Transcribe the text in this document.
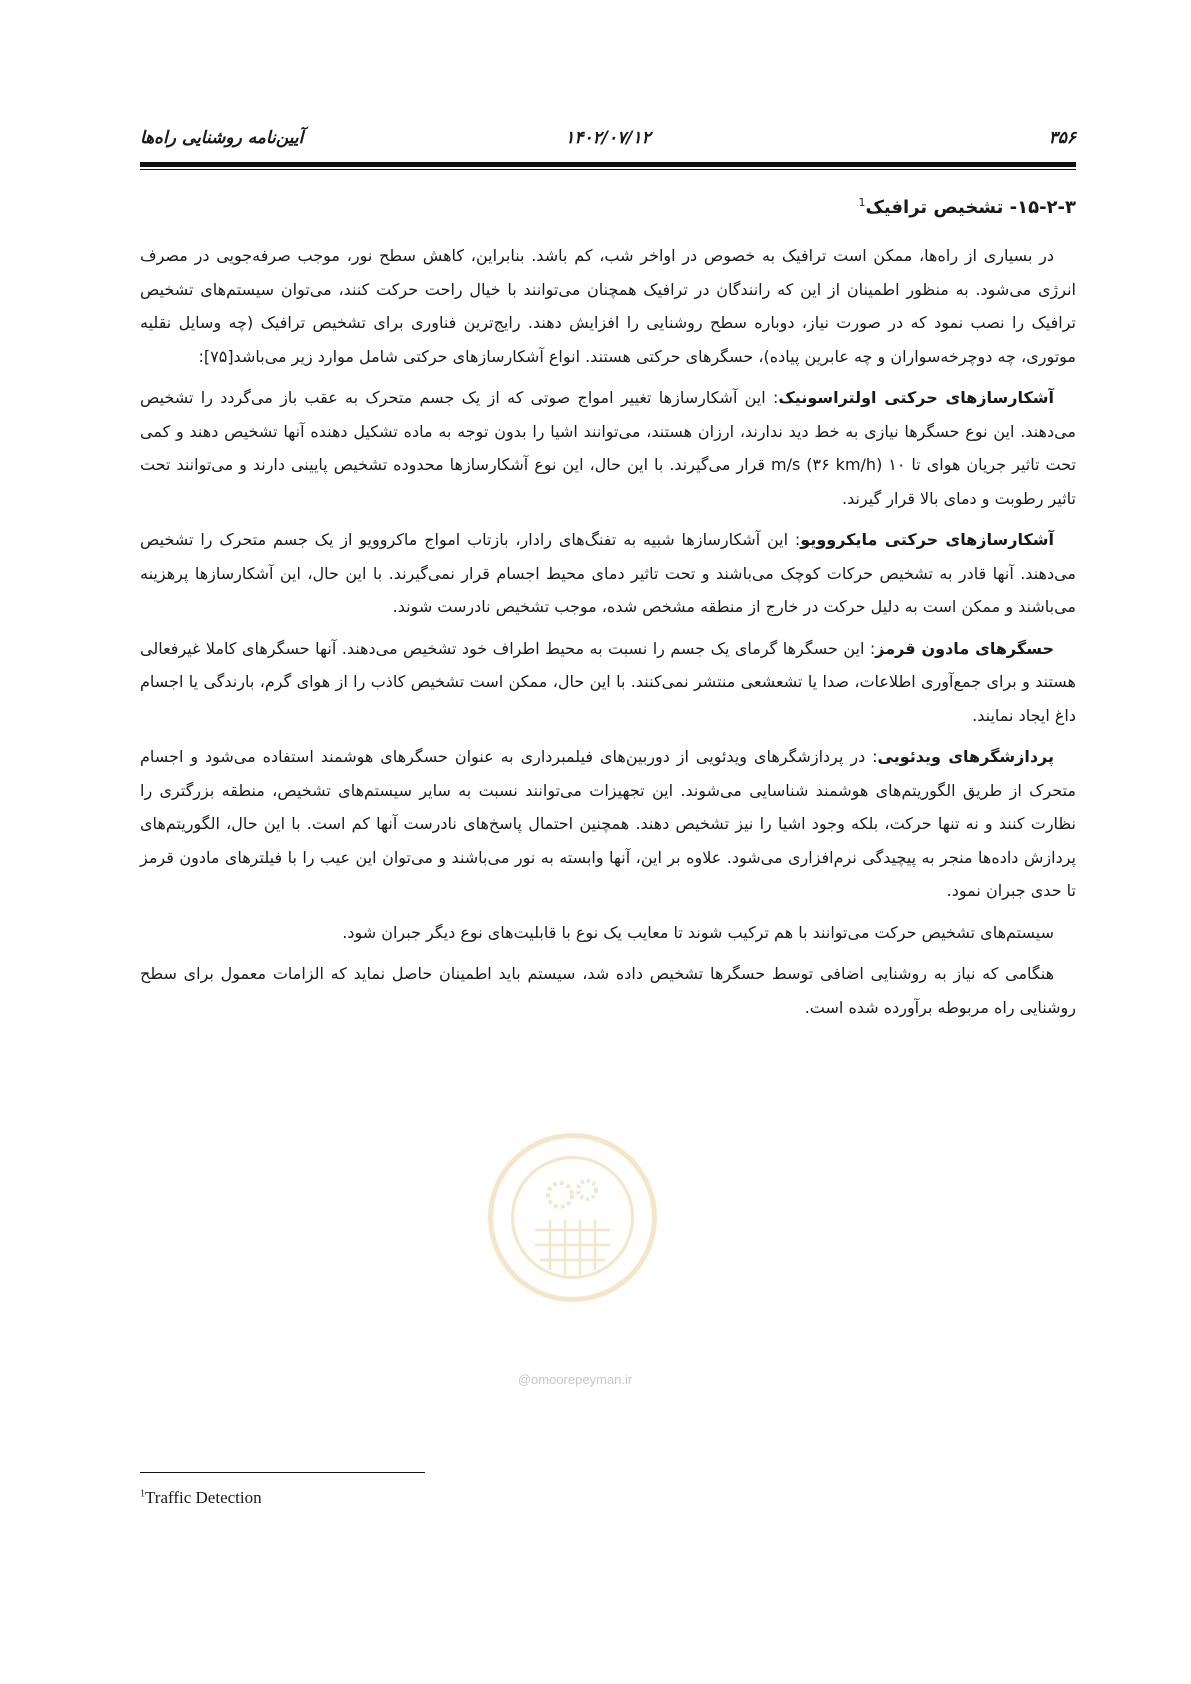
۳۵۶
۱۴۰۲/۰۷/۱۲
آیین‌نامه روشنایی راه‌ها
۱۵-۲-۳- تشخیص ترافیک$^1$

در بسیاری از راه‌ها، ممکن است ترافیک به خصوص در اواخر شب، کم باشد. بنابراین، کاهش سطح نور، موجب صرفه‌جویی در مصرف انرژی می‌شود. به منظور اطمینان از این که رانندگان در ترافیک همچنان می‌توانند با خیال راحت حرکت کنند، می‌توان سیستم‌های تشخیص ترافیک را نصب نمود که در صورت نیاز، دوباره سطح روشنایی را افزایش دهند. رایج‌ترین فناوری برای تشخیص ترافیک (چه وسایل نقلیه موتوری، چه دوچرخه‌سواران و چه عابرین پیاده)، حسگرهای حرکتی هستند. انواع آشکارسازهای حرکتی شامل موارد زیر می‌باشد[۷۵]:

آشکارسازهای حرکتی اولتراسونیک: این آشکارسازها تغییر امواج صوتی که از یک جسم متحرک به عقب باز می‌گردد را تشخیص می‌دهند. این نوع حسگرها نیازی به خط دید ندارند، ارزان هستند، می‌توانند اشیا را بدون توجه به ماده تشکیل دهنده آنها تشخیص دهند و کمی تحت تاثیر جریان هوای تا ۱۰ m/s (۳۶ km/h) قرار می‌گیرند. با این حال، این نوع آشکارسازها محدوده تشخیص پایینی دارند و می‌توانند تحت تاثیر رطوبت و دمای بالا قرار گیرند.

آشکارسازهای حرکتی مایکروویو: این آشکارسازها شبیه به تفنگ‌های رادار، بازتاب امواج ماکروویو از یک جسم متحرک را تشخیص می‌دهند. آنها قادر به تشخیص حرکات کوچک می‌باشند و تحت تاثیر دمای محیط اجسام قرار نمی‌گیرند. با این حال، این آشکارسازها پرهزینه می‌باشند و ممکن است به دلیل حرکت در خارج از منطقه مشخص شده، موجب تشخیص نادرست شوند.

حسگرهای مادون قرمز: این حسگرها گرمای یک جسم را نسبت به محیط اطراف خود تشخیص می‌دهند. آنها حسگرهای کاملا غیرفعالی هستند و برای جمع‌آوری اطلاعات، صدا یا تشعشعی منتشر نمی‌کنند. با این حال، ممکن است تشخیص کاذب را از هوای گرم، بارندگی یا اجسام داغ ایجاد نمایند.

پردازشگرهای ویدئویی: در پردازشگرهای ویدئویی از دوربین‌های فیلمبرداری به عنوان حسگرهای هوشمند استفاده می‌شود و اجسام متحرک از طریق الگوریتم‌های هوشمند شناسایی می‌شوند. این تجهیزات می‌توانند نسبت به سایر سیستم‌های تشخیص، منطقه بزرگتری را نظارت کنند و نه تنها حرکت، بلکه وجود اشیا را نیز تشخیص دهند. همچنین احتمال پاسخ‌های نادرست آنها کم است. با این حال، الگوریتم‌های پردازش داده‌ها منجر به پیچیدگی نرم‌افزاری می‌شود. علاوه بر این، آنها وابسته به نور می‌باشند و می‌توان این عیب را با فیلترهای مادون قرمز تا حدی جبران نمود.

سیستم‌های تشخیص حرکت می‌توانند با هم ترکیب شوند تا معایب یک نوع با قابلیت‌های نوع دیگر جبران شود.

هنگامی که نیاز به روشنایی اضافی توسط حسگرها تشخیص داده شد، سیستم باید اطمینان حاصل نماید که الزامات معمول برای سطح روشنایی راه مربوطه برآورده شده است.

@omoorepeyman.ir
$^1$Traffic Detection
